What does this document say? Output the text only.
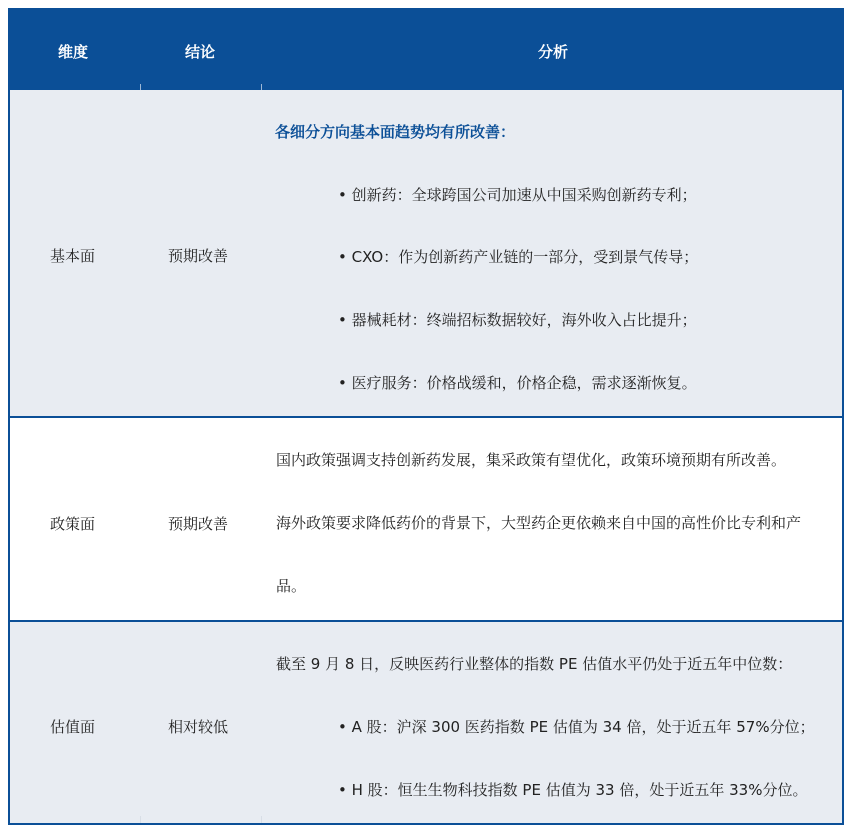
维度	结论	分析
基本面	预期改善
各细分方向基本面趋势均有所改善：
• 创新药：全球跨国公司加速从中国采购创新药专利；
• CXO：作为创新药产业链的一部分，受到景气传导；
• 器械耗材：终端招标数据较好，海外收入占比提升；
• 医疗服务：价格战缓和，价格企稳，需求逐渐恢复。
政策面	预期改善
国内政策强调支持创新药发展，集采政策有望优化，政策环境预期有所改善。
海外政策要求降低药价的背景下，大型药企更依赖来自中国的高性价比专利和产
品。
估值面	相对较低
截至 9 月 8 日，反映医药行业整体的指数 PE 估值水平仍处于近五年中位数：
• A 股：沪深 300 医药指数 PE 估值为 34 倍，处于近五年 57%分位；
• H 股：恒生生物科技指数 PE 估值为 33 倍，处于近五年 33%分位。
